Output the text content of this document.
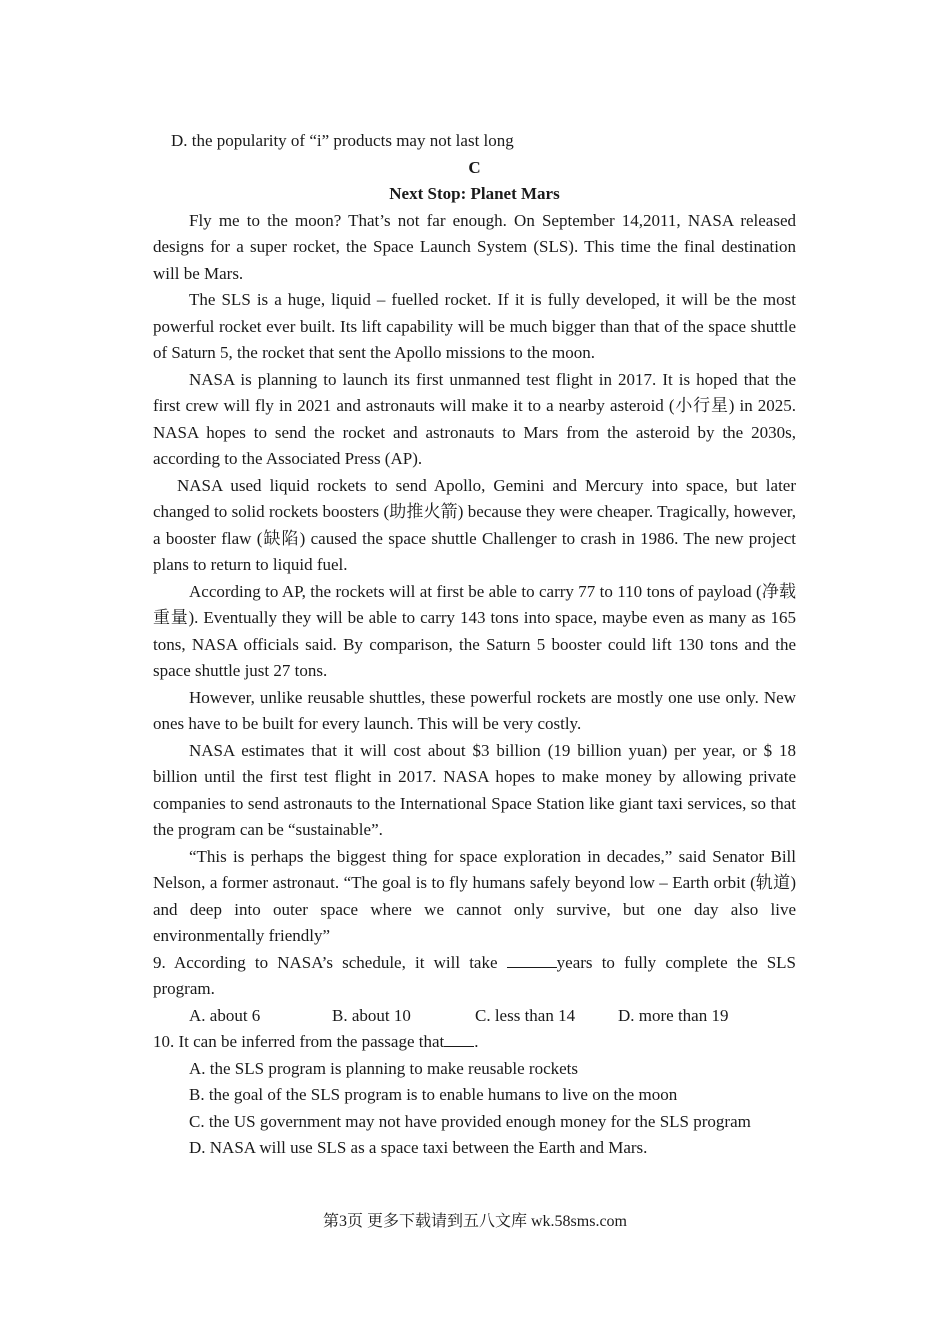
D. the popularity of “i” products may not last long

C

Next Stop: Planet Mars

Fly me to the moon? That’s not far enough. On September 14,2011, NASA released designs for a super rocket, the Space Launch System (SLS). This time the final destination will be Mars.

The SLS is a huge, liquid – fuelled rocket. If it is fully developed, it will be the most powerful rocket ever built. Its lift capability will be much bigger than that of the space shuttle of Saturn 5, the rocket that sent the Apollo missions to the moon.

NASA is planning to launch its first unmanned test flight in 2017. It is hoped that the first crew will fly in 2021 and astronauts will make it to a nearby asteroid (小行星) in 2025. NASA hopes to send the rocket and astronauts to Mars from the asteroid by the 2030s, according to the Associated Press (AP).

NASA used liquid rockets to send Apollo, Gemini and Mercury into space, but later changed to solid rockets boosters (助推火箭) because they were cheaper. Tragically, however, a booster flaw (缺陷) caused the space shuttle Challenger to crash in 1986. The new project plans to return to liquid fuel.

According to AP, the rockets will at first be able to carry 77 to 110 tons of payload (净载重量). Eventually they will be able to carry 143 tons into space, maybe even as many as 165 tons, NASA officials said. By comparison, the Saturn 5 booster could lift 130 tons and the space shuttle just 27 tons.

However, unlike reusable shuttles, these powerful rockets are mostly one use only. New ones have to be built for every launch. This will be very costly.

NASA estimates that it will cost about $3 billion (19 billion yuan) per year, or $ 18 billion until the first test flight in 2017. NASA hopes to make money by allowing private companies to send astronauts to the International Space Station like giant taxi services, so that the program can be “sustainable”.

“This is perhaps the biggest thing for space exploration in decades,” said Senator Bill Nelson, a former astronaut. “The goal is to fly humans safely beyond low – Earth orbit (轨道) and deep into outer space where we cannot only survive, but one day also live environmentally friendly”

9. According to NASA’s schedule, it will take	years to fully complete the SLS program.

A. about 6	B. about 10	C. less than 14	D. more than 19

10. It can be inferred from the passage that .

A. the SLS program is planning to make reusable rockets

B. the goal of the SLS program is to enable humans to live on the moon

C. the US government may not have provided enough money for the SLS program

D. NASA will use SLS as a space taxi between the Earth and Mars.

第3页 更多下载请到五八文库 wk.58sms.com
